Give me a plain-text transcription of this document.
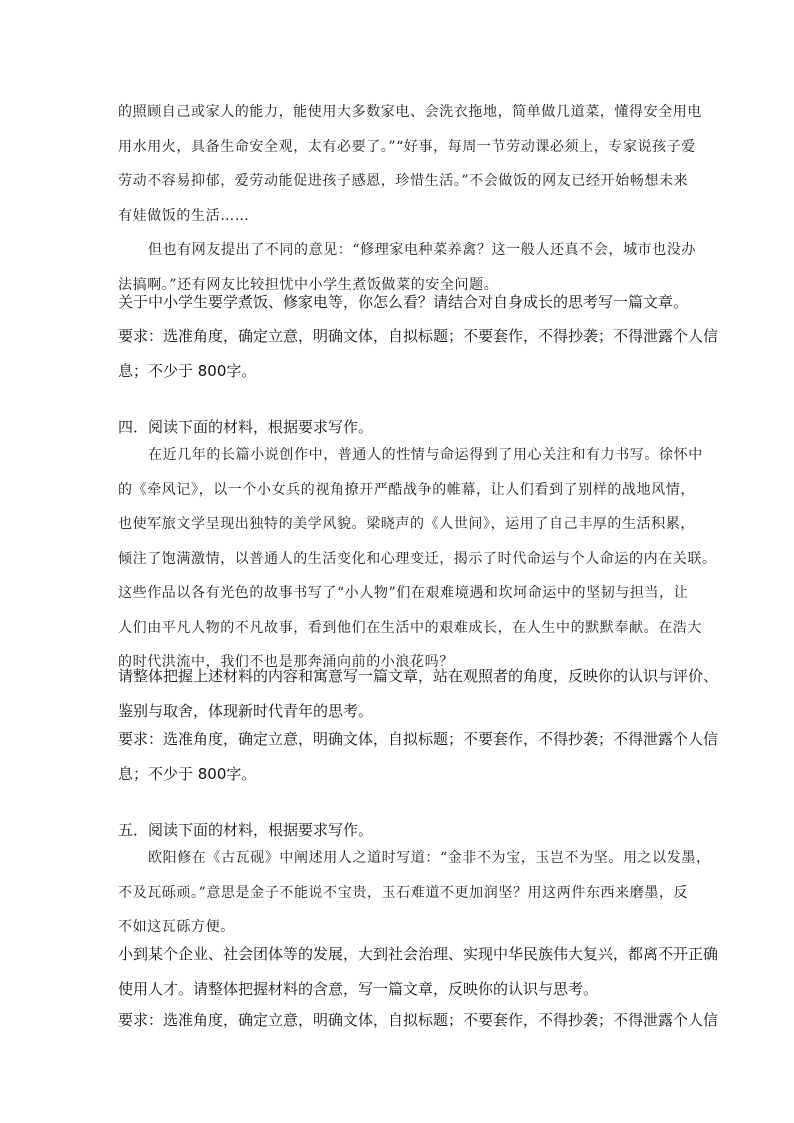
的照顾自己或家人的能力，能使用大多数家电、会洗衣拖地，简单做几道菜，懂得安全用电
用水用火，具备生命安全观，太有必要了。”“好事，每周一节劳动课必须上，专家说孩子爱
劳动不容易抑郁，爱劳动能促进孩子感恩，珍惜生活。”不会做饭的网友已经开始畅想未来
有娃做饭的生活……
但也有网友提出了不同的意见：“修理家电种菜养禽？这一般人还真不会，城市也没办
法搞啊。”还有网友比较担忧中小学生煮饭做菜的安全问题。
关于中小学生要学煮饭、修家电等，你怎么看？请结合对自身成长的思考写一篇文章。
要求：选准角度，确定立意，明确文体，自拟标题；不要套作，不得抄袭；不得泄露个人信
息；不少于 800字。
四．阅读下面的材料，根据要求写作。
在近几年的长篇小说创作中，普通人的性情与命运得到了用心关注和有力书写。徐怀中
的《牵风记》，以一个小女兵的视角撩开严酷战争的帷幕，让人们看到了别样的战地风情，
也使军旅文学呈现出独特的美学风貌。梁晓声的《人世间》，运用了自己丰厚的生活积累，
倾注了饱满激情，以普通人的生活变化和心理变迁，揭示了时代命运与个人命运的内在关联。
这些作品以各有光色的故事书写了“小人物”们在艰难境遇和坎坷命运中的坚韧与担当，让
人们由平凡人物的不凡故事，看到他们在生活中的艰难成长，在人生中的默默奉献。在浩大
的时代洪流中，我们不也是那奔涌向前的小浪花吗？
请整体把握上述材料的内容和寓意写一篇文章，站在观照者的角度，反映你的认识与评价、
鉴别与取舍，体现新时代青年的思考。
要求：选准角度，确定立意，明确文体，自拟标题；不要套作，不得抄袭；不得泄露个人信
息；不少于 800字。
五．阅读下面的材料，根据要求写作。
欧阳修在《古瓦砚》中阐述用人之道时写道：“金非不为宝，玉岂不为坚。用之以发墨，
不及瓦砾顽。”意思是金子不能说不宝贵，玉石难道不更加润坚？用这两件东西来磨墨，反
不如这瓦砾方便。
小到某个企业、社会团体等的发展，大到社会治理、实现中华民族伟大复兴，都离不开正确
使用人才。请整体把握材料的含意，写一篇文章，反映你的认识与思考。
要求：选准角度，确定立意，明确文体，自拟标题；不要套作，不得抄袭；不得泄露个人信
